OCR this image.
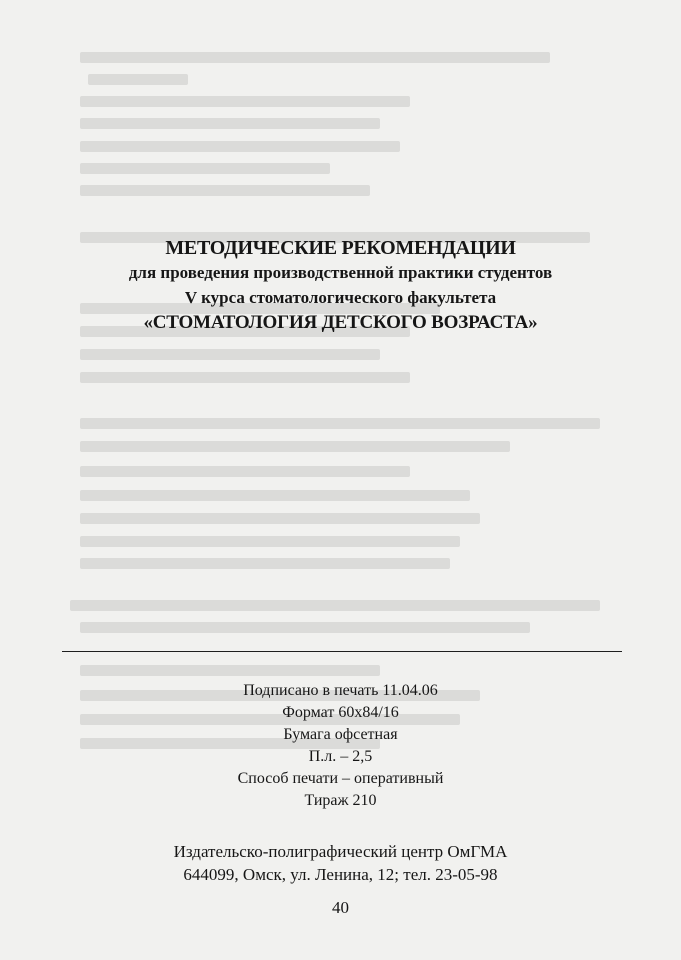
МЕТОДИЧЕСКИЕ РЕКОМЕНДАЦИИ
для проведения производственной практики студентов
V курса стоматологического факультета
«СТОМАТОЛОГИЯ ДЕТСКОГО ВОЗРАСТА»
Подписано в печать 11.04.06
Формат 60х84/16
Бумага офсетная
П.л. – 2,5
Способ печати – оперативный
Тираж 210
Издательско-полиграфический центр ОмГМА
644099, Омск, ул. Ленина, 12; тел. 23-05-98
40
